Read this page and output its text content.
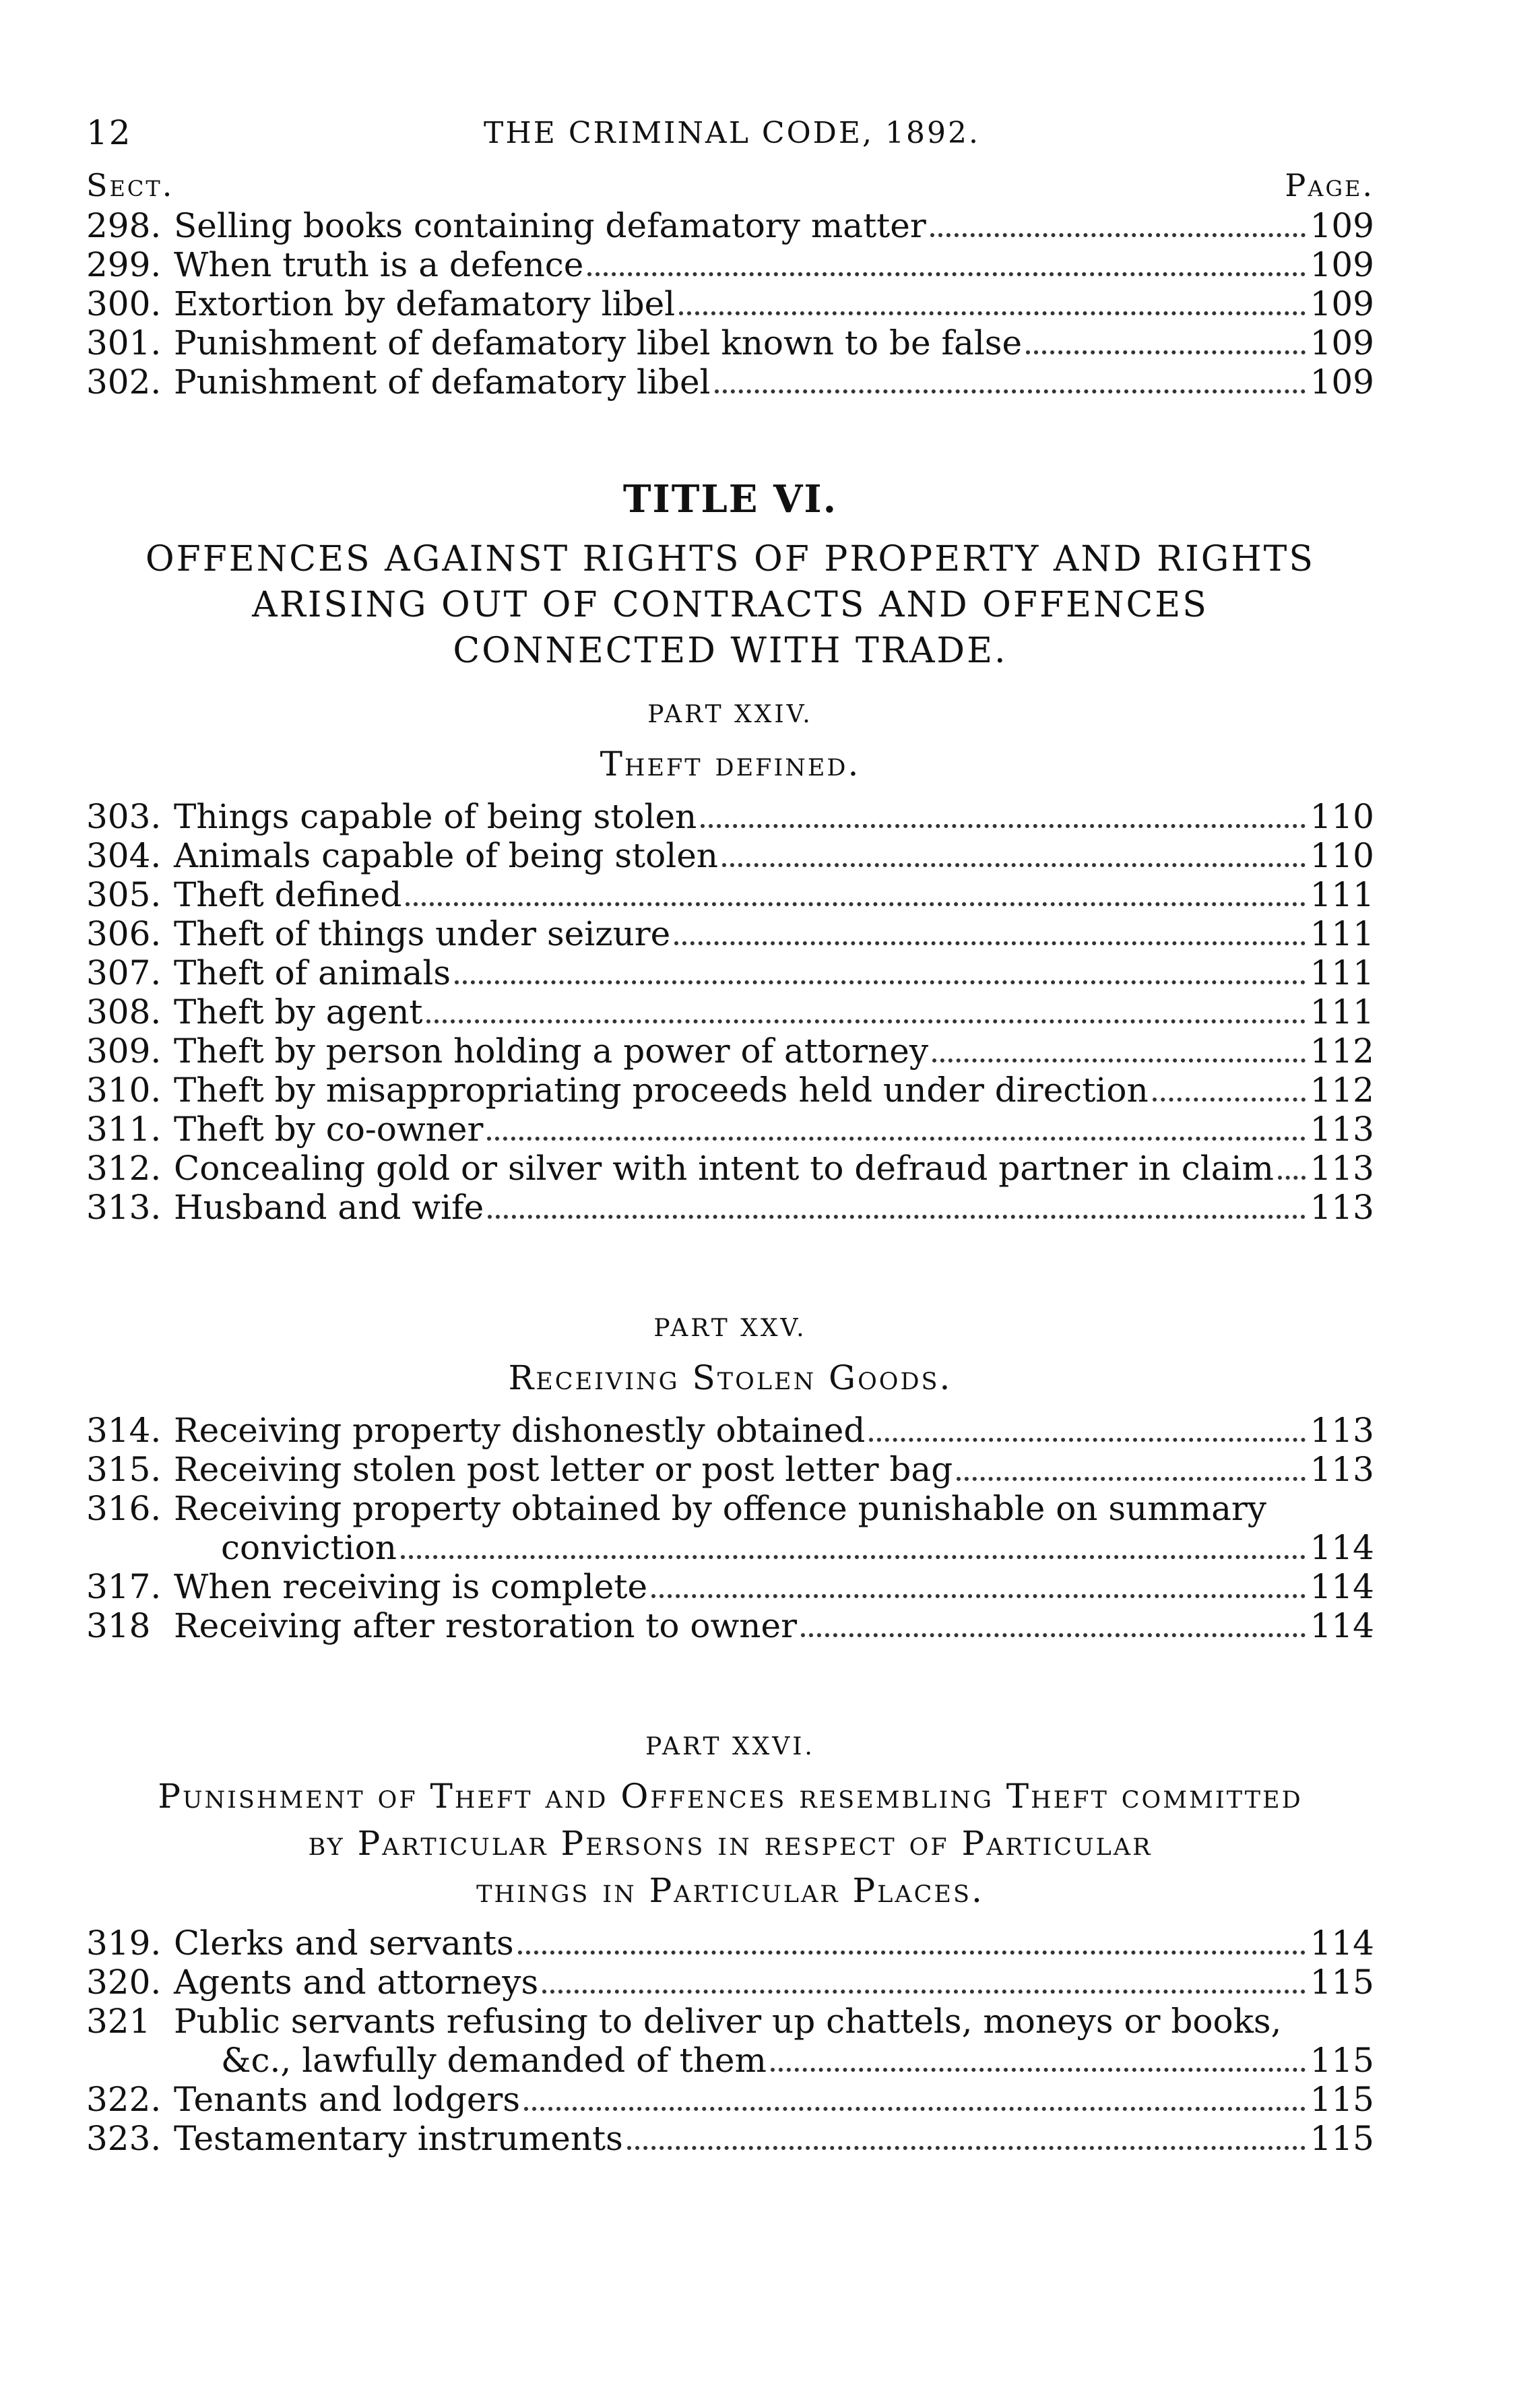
12	THE CRIMINAL CODE, 1892.
Sect.	Page.
298. Selling books containing defamatory matter	109
299. When truth is a defence	109
300. Extortion by defamatory libel	109
301. Punishment of defamatory libel known to be false	109
302. Punishment of defamatory libel	109
TITLE VI.
OFFENCES AGAINST RIGHTS OF PROPERTY AND RIGHTS
ARISING OUT OF CONTRACTS AND OFFENCES
CONNECTED WITH TRADE.
PART XXIV.
Theft defined.
303. Things capable of being stolen	110
304. Animals capable of being stolen	110
305. Theft defined	111
306. Theft of things under seizure	111
307. Theft of animals	111
308. Theft by agent	111
309. Theft by person holding a power of attorney	112
310. Theft by misappropriating proceeds held under direction	112
311. Theft by co-owner	113
312. Concealing gold or silver with intent to defraud partner in claim 113
313. Husband and wife	113
PART XXV.
Receiving Stolen Goods.
314. Receiving property dishonestly obtained	113
315. Receiving stolen post letter or post letter bag	113
316. Receiving property obtained by offence punishable on summary
conviction	114
317. When receiving is complete	114
318 Receiving after restoration to owner	114
PART XXVI.
Punishment of Theft and Offences resembling Theft committed
by Particular Persons in respect of Particular
things in Particular Places.
319. Clerks and servants	114
320. Agents and attorneys	115
321 Public servants refusing to deliver up chattels, moneys or books,
&c., lawfully demanded of them	115
322. Tenants and lodgers	115
323. Testamentary instruments	115
